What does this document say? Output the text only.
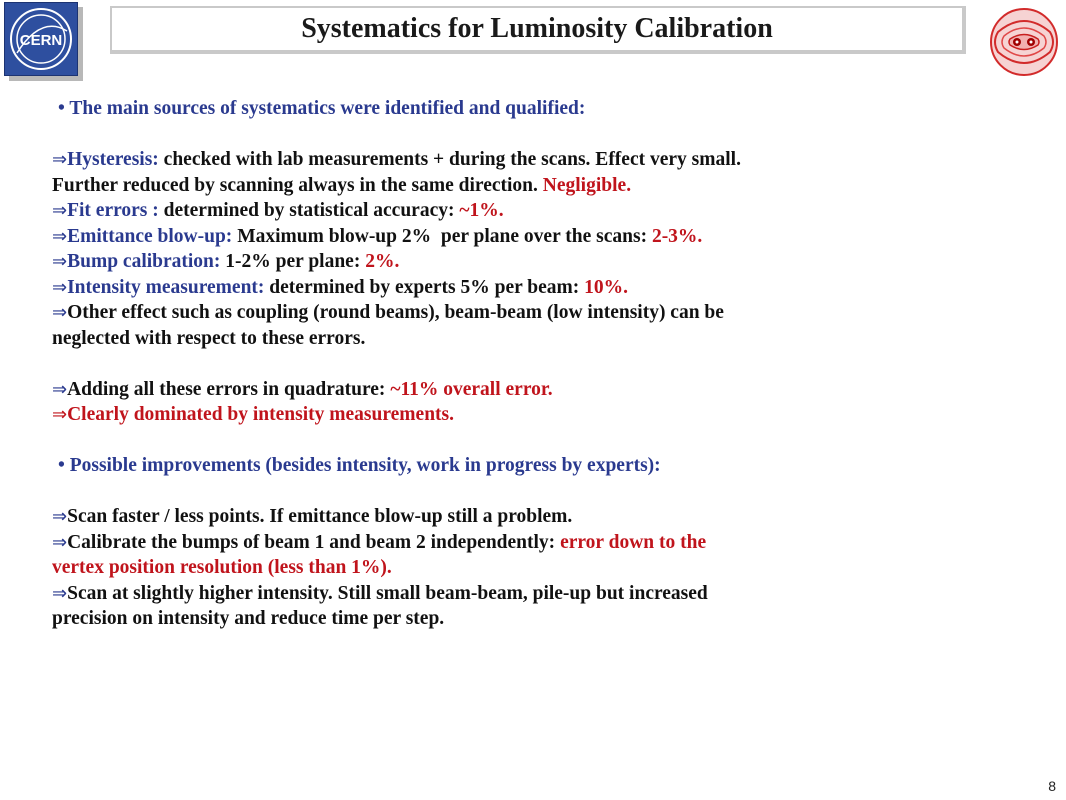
CERN	Systematics for Luminosity Calibration
• The main sources of systematics were identified and qualified:
⇒Hysteresis: checked with lab measurements + during the scans. Effect very small.
Further reduced by scanning always in the same direction. Negligible.
⇒Fit errors : determined by statistical accuracy: ~1%.
⇒Emittance blow-up: Maximum blow-up 2%  per plane over the scans: 2-3%.
⇒Bump calibration: 1-2% per plane: 2%.
⇒Intensity measurement: determined by experts 5% per beam: 10%.
⇒Other effect such as coupling (round beams), beam-beam (low intensity) can be
neglected with respect to these errors.
⇒Adding all these errors in quadrature: ~11% overall error.
⇒Clearly dominated by intensity measurements.
• Possible improvements (besides intensity, work in progress by experts):
⇒Scan faster / less points. If emittance blow-up still a problem.
⇒Calibrate the bumps of beam 1 and beam 2 independently: error down to the
vertex position resolution (less than 1%).
⇒Scan at slightly higher intensity. Still small beam-beam, pile-up but increased
precision on intensity and reduce time per step.
8
